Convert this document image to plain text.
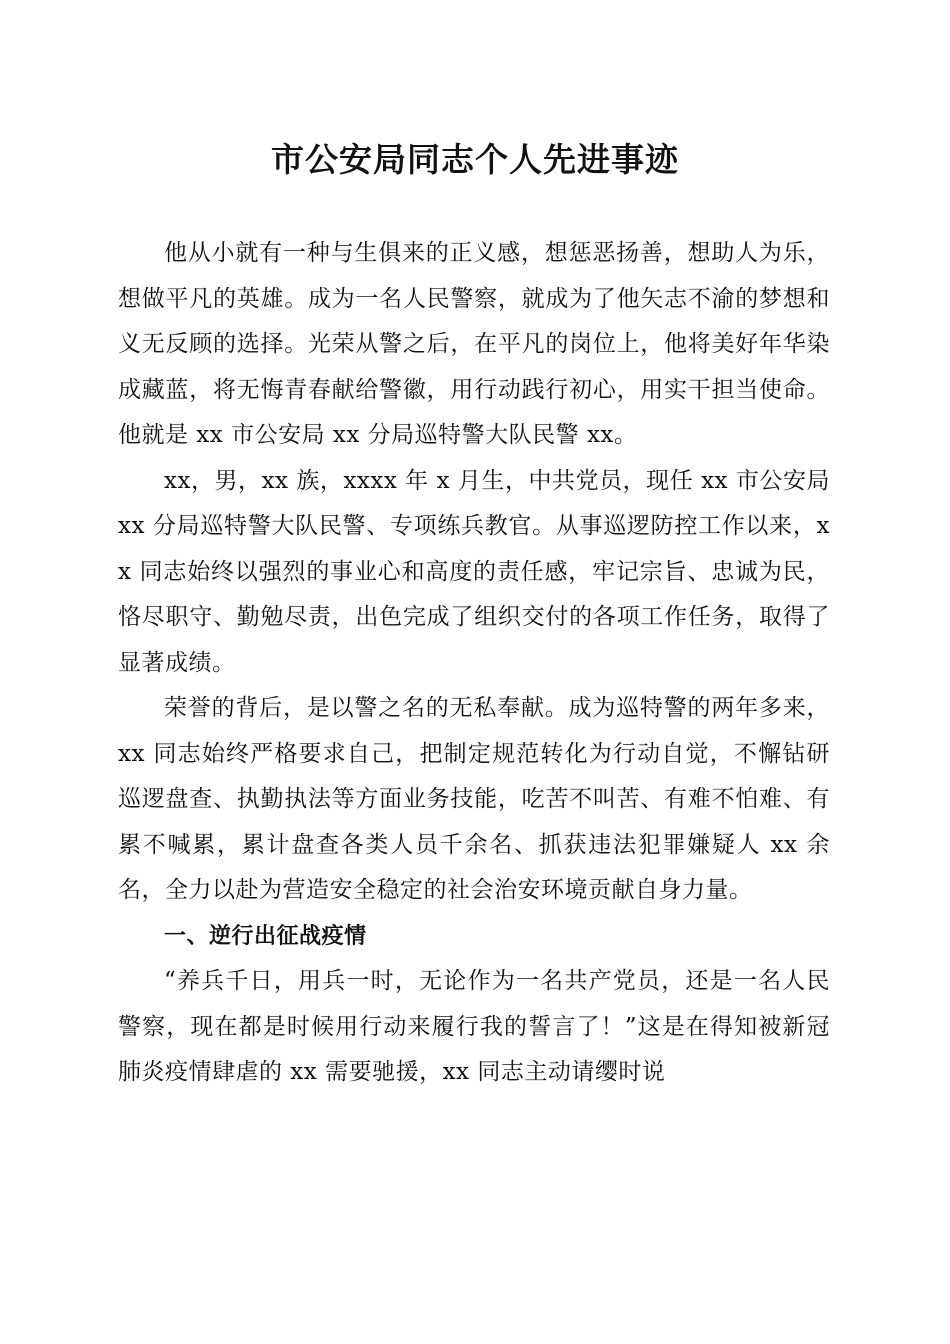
市公安局同志个人先进事迹

他从小就有一种与生俱来的正义感，想惩恶扬善，想助人为乐，想做平凡的英雄。成为一名人民警察，就成为了他矢志不渝的梦想和义无反顾的选择。光荣从警之后，在平凡的岗位上，他将美好年华染成藏蓝，将无悔青春献给警徽，用行动践行初心，用实干担当使命。他就是 xx 市公安局 xx 分局巡特警大队民警 xx。

xx，男，xx 族，xxxx 年 x 月生，中共党员，现任 xx 市公安局 xx 分局巡特警大队民警、专项练兵教官。从事巡逻防控工作以来，xx 同志始终以强烈的事业心和高度的责任感，牢记宗旨、忠诚为民，恪尽职守、勤勉尽责，出色完成了组织交付的各项工作任务，取得了显著成绩。

荣誉的背后，是以警之名的无私奉献。成为巡特警的两年多来，xx 同志始终严格要求自己，把制定规范转化为行动自觉，不懈钻研巡逻盘查、执勤执法等方面业务技能，吃苦不叫苦、有难不怕难、有累不喊累，累计盘查各类人员千余名、抓获违法犯罪嫌疑人 xx 余名，全力以赴为营造安全稳定的社会治安环境贡献自身力量。

一、逆行出征战疫情

“养兵千日，用兵一时，无论作为一名共产党员，还是一名人民警察，现在都是时候用行动来履行我的誓言了！”这是在得知被新冠肺炎疫情肆虐的 xx 需要驰援，xx 同志主动请缨时说
